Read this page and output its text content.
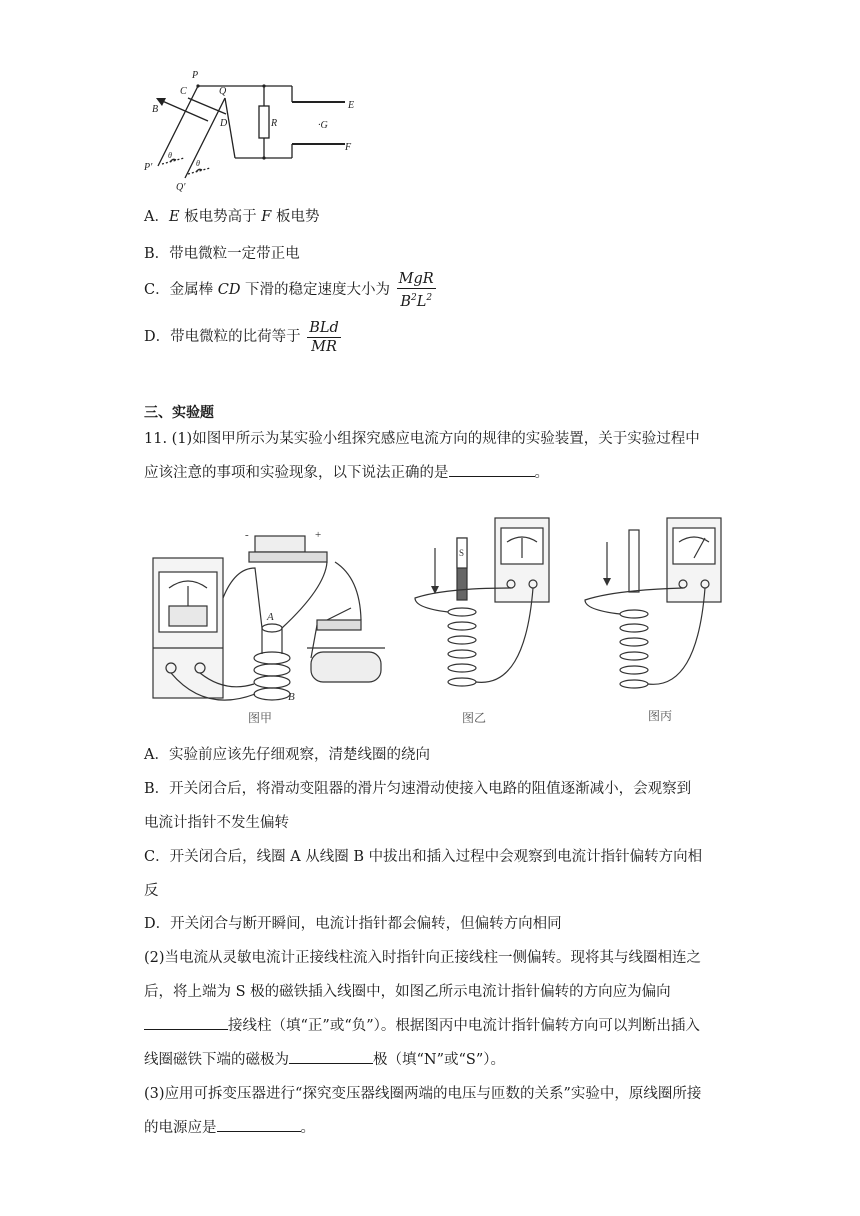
P
C	Q
B
D	R
E
F
·G
P'
Q'
θ
θ
A．E 板电势高于 F 板电势
B．带电微粒一定带正电
C．金属棒 CD 下滑的稳定速度大小为 $\frac{\text{MgR}}{B^2L^2}$
D．带电微粒的比荷等于 $\frac{\text{BLd}}{MR}$
三、实验题
11. (1)如图甲所示为某实验小组探究感应电流方向的规律的实验装置，关于实验过程中
应该注意的事项和实验现象，以下说法正确的是	。
-	+
A
B
S
图甲	图乙	图丙
A．实验前应该先仔细观察，清楚线圈的绕向
B．开关闭合后，将滑动变阻器的滑片匀速滑动使接入电路的阻值逐渐减小，会观察到
电流计指针不发生偏转
C．开关闭合后，线圈 A 从线圈 B 中拔出和插入过程中会观察到电流计指针偏转方向相
反
D．开关闭合与断开瞬间，电流计指针都会偏转，但偏转方向相同
(2)当电流从灵敏电流计正接线柱流入时指针向正接线柱一侧偏转。现将其与线圈相连之
后，将上端为 S 极的磁铁插入线圈中，如图乙所示电流计指针偏转的方向应为偏向
接线柱（填“正”或“负”）。根据图丙中电流计指针偏转方向可以判断出插入
线圈磁铁下端的磁极为	极（填“N”或“S”）。
(3)应用可拆变压器进行“探究变压器线圈两端的电压与匝数的关系”实验中，原线圈所接
的电源应是	。
